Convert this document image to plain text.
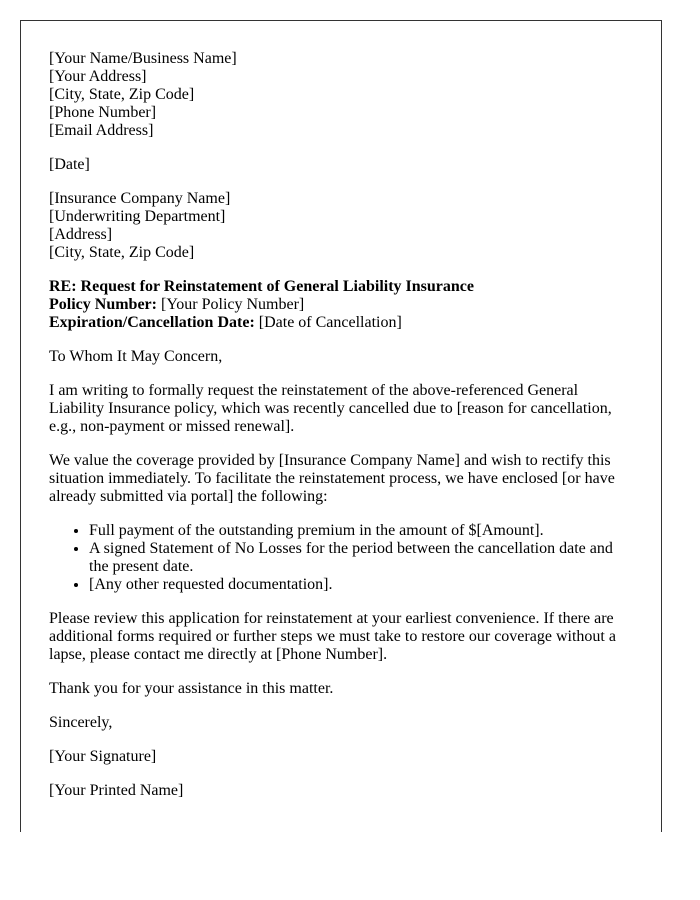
[Your Name/Business Name]
[Your Address]
[City, State, Zip Code]
[Phone Number]
[Email Address]

[Date]

[Insurance Company Name]
[Underwriting Department]
[Address]
[City, State, Zip Code]
RE: Request for Reinstatement of General Liability Insurance
Policy Number: [Your Policy Number]
Expiration/Cancellation Date: [Date of Cancellation]

To Whom It May Concern,

I am writing to formally request the reinstatement of the above-referenced General Liability Insurance policy, which was recently cancelled due to [reason for cancellation, e.g., non-payment or missed renewal].

We value the coverage provided by [Insurance Company Name] and wish to rectify this situation immediately. To facilitate the reinstatement process, we have enclosed [or have already submitted via portal] the following:

• Full payment of the outstanding premium in the amount of $[Amount].
• A signed Statement of No Losses for the period between the cancellation date and the present date.
• [Any other requested documentation].

Please review this application for reinstatement at your earliest convenience. If there are additional forms required or further steps we must take to restore our coverage without a lapse, please contact me directly at [Phone Number].

Thank you for your assistance in this matter.

Sincerely,

[Your Signature]

[Your Printed Name]
